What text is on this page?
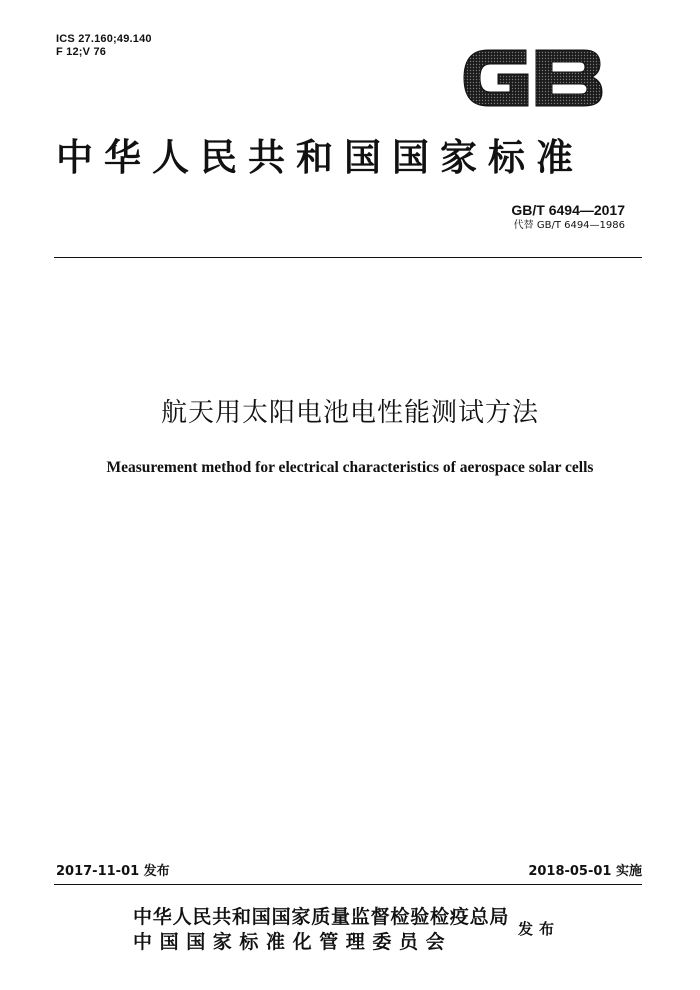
ICS 27.160;49.140
F 12;V 76
中华人民共和国国家标准
GB/T 6494—2017
代替 GB/T 6494—1986
航天用太阳电池电性能测试方法
Measurement method for electrical characteristics of aerospace solar cells
2017-11-01 发布	2018-05-01 实施
中华人民共和国国家质量监督检验检疫总局
中国国家标准化管理委员会
发布
